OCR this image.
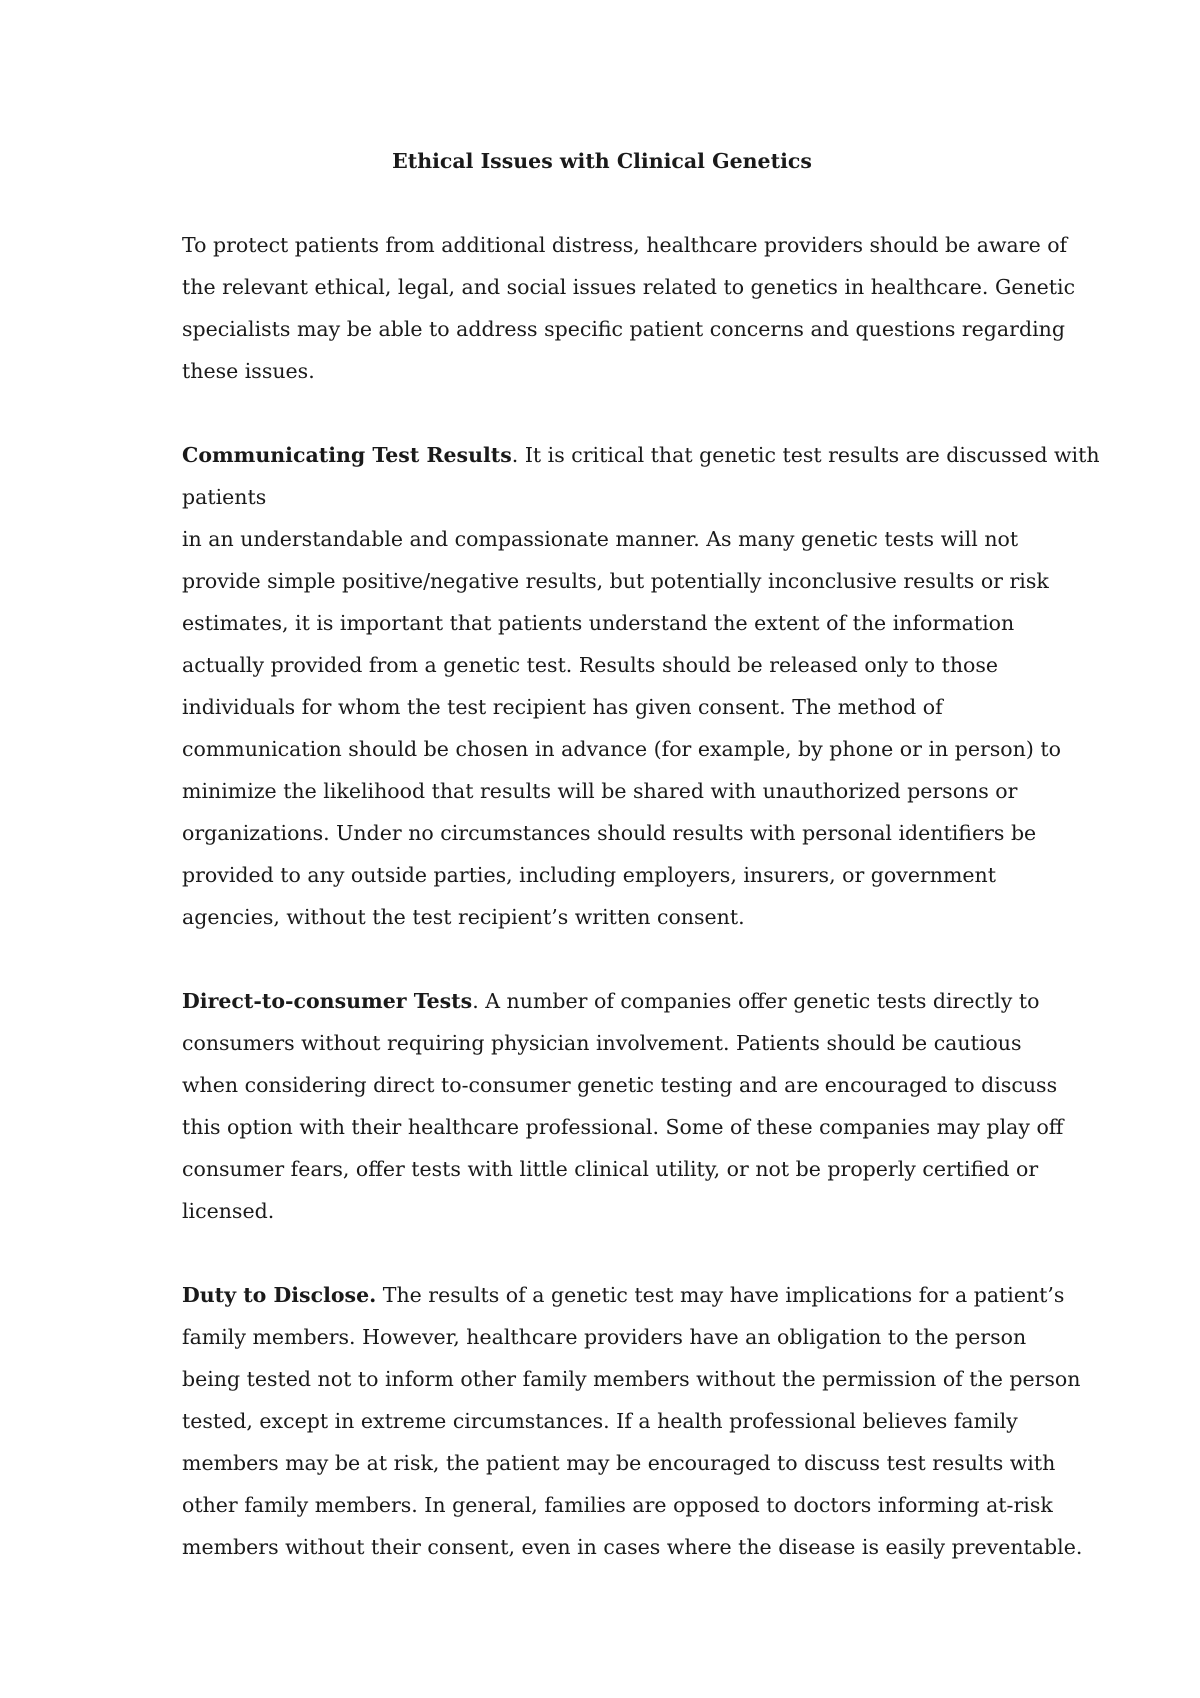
Ethical Issues with Clinical Genetics
To protect patients from additional distress, healthcare providers should be aware of
the relevant ethical, legal, and social issues related to genetics in healthcare. Genetic
specialists may be able to address specific patient concerns and questions regarding
these issues.
Communicating Test Results. It is critical that genetic test results are discussed with
patients
in an understandable and compassionate manner. As many genetic tests will not
provide simple positive/negative results, but potentially inconclusive results or risk
estimates, it is important that patients understand the extent of the information
actually provided from a genetic test. Results should be released only to those
individuals for whom the test recipient has given consent. The method of
communication should be chosen in advance (for example, by phone or in person) to
minimize the likelihood that results will be shared with unauthorized persons or
organizations. Under no circumstances should results with personal identifiers be
provided to any outside parties, including employers, insurers, or government
agencies, without the test recipient’s written consent.
Direct-to-consumer Tests. A number of companies offer genetic tests directly to
consumers without requiring physician involvement. Patients should be cautious
when considering direct to-consumer genetic testing and are encouraged to discuss
this option with their healthcare professional. Some of these companies may play off
consumer fears, offer tests with little clinical utility, or not be properly certified or
licensed.
Duty to Disclose. The results of a genetic test may have implications for a patient’s
family members. However, healthcare providers have an obligation to the person
being tested not to inform other family members without the permission of the person
tested, except in extreme circumstances. If a health professional believes family
members may be at risk, the patient may be encouraged to discuss test results with
other family members. In general, families are opposed to doctors informing at-risk
members without their consent, even in cases where the disease is easily preventable.
